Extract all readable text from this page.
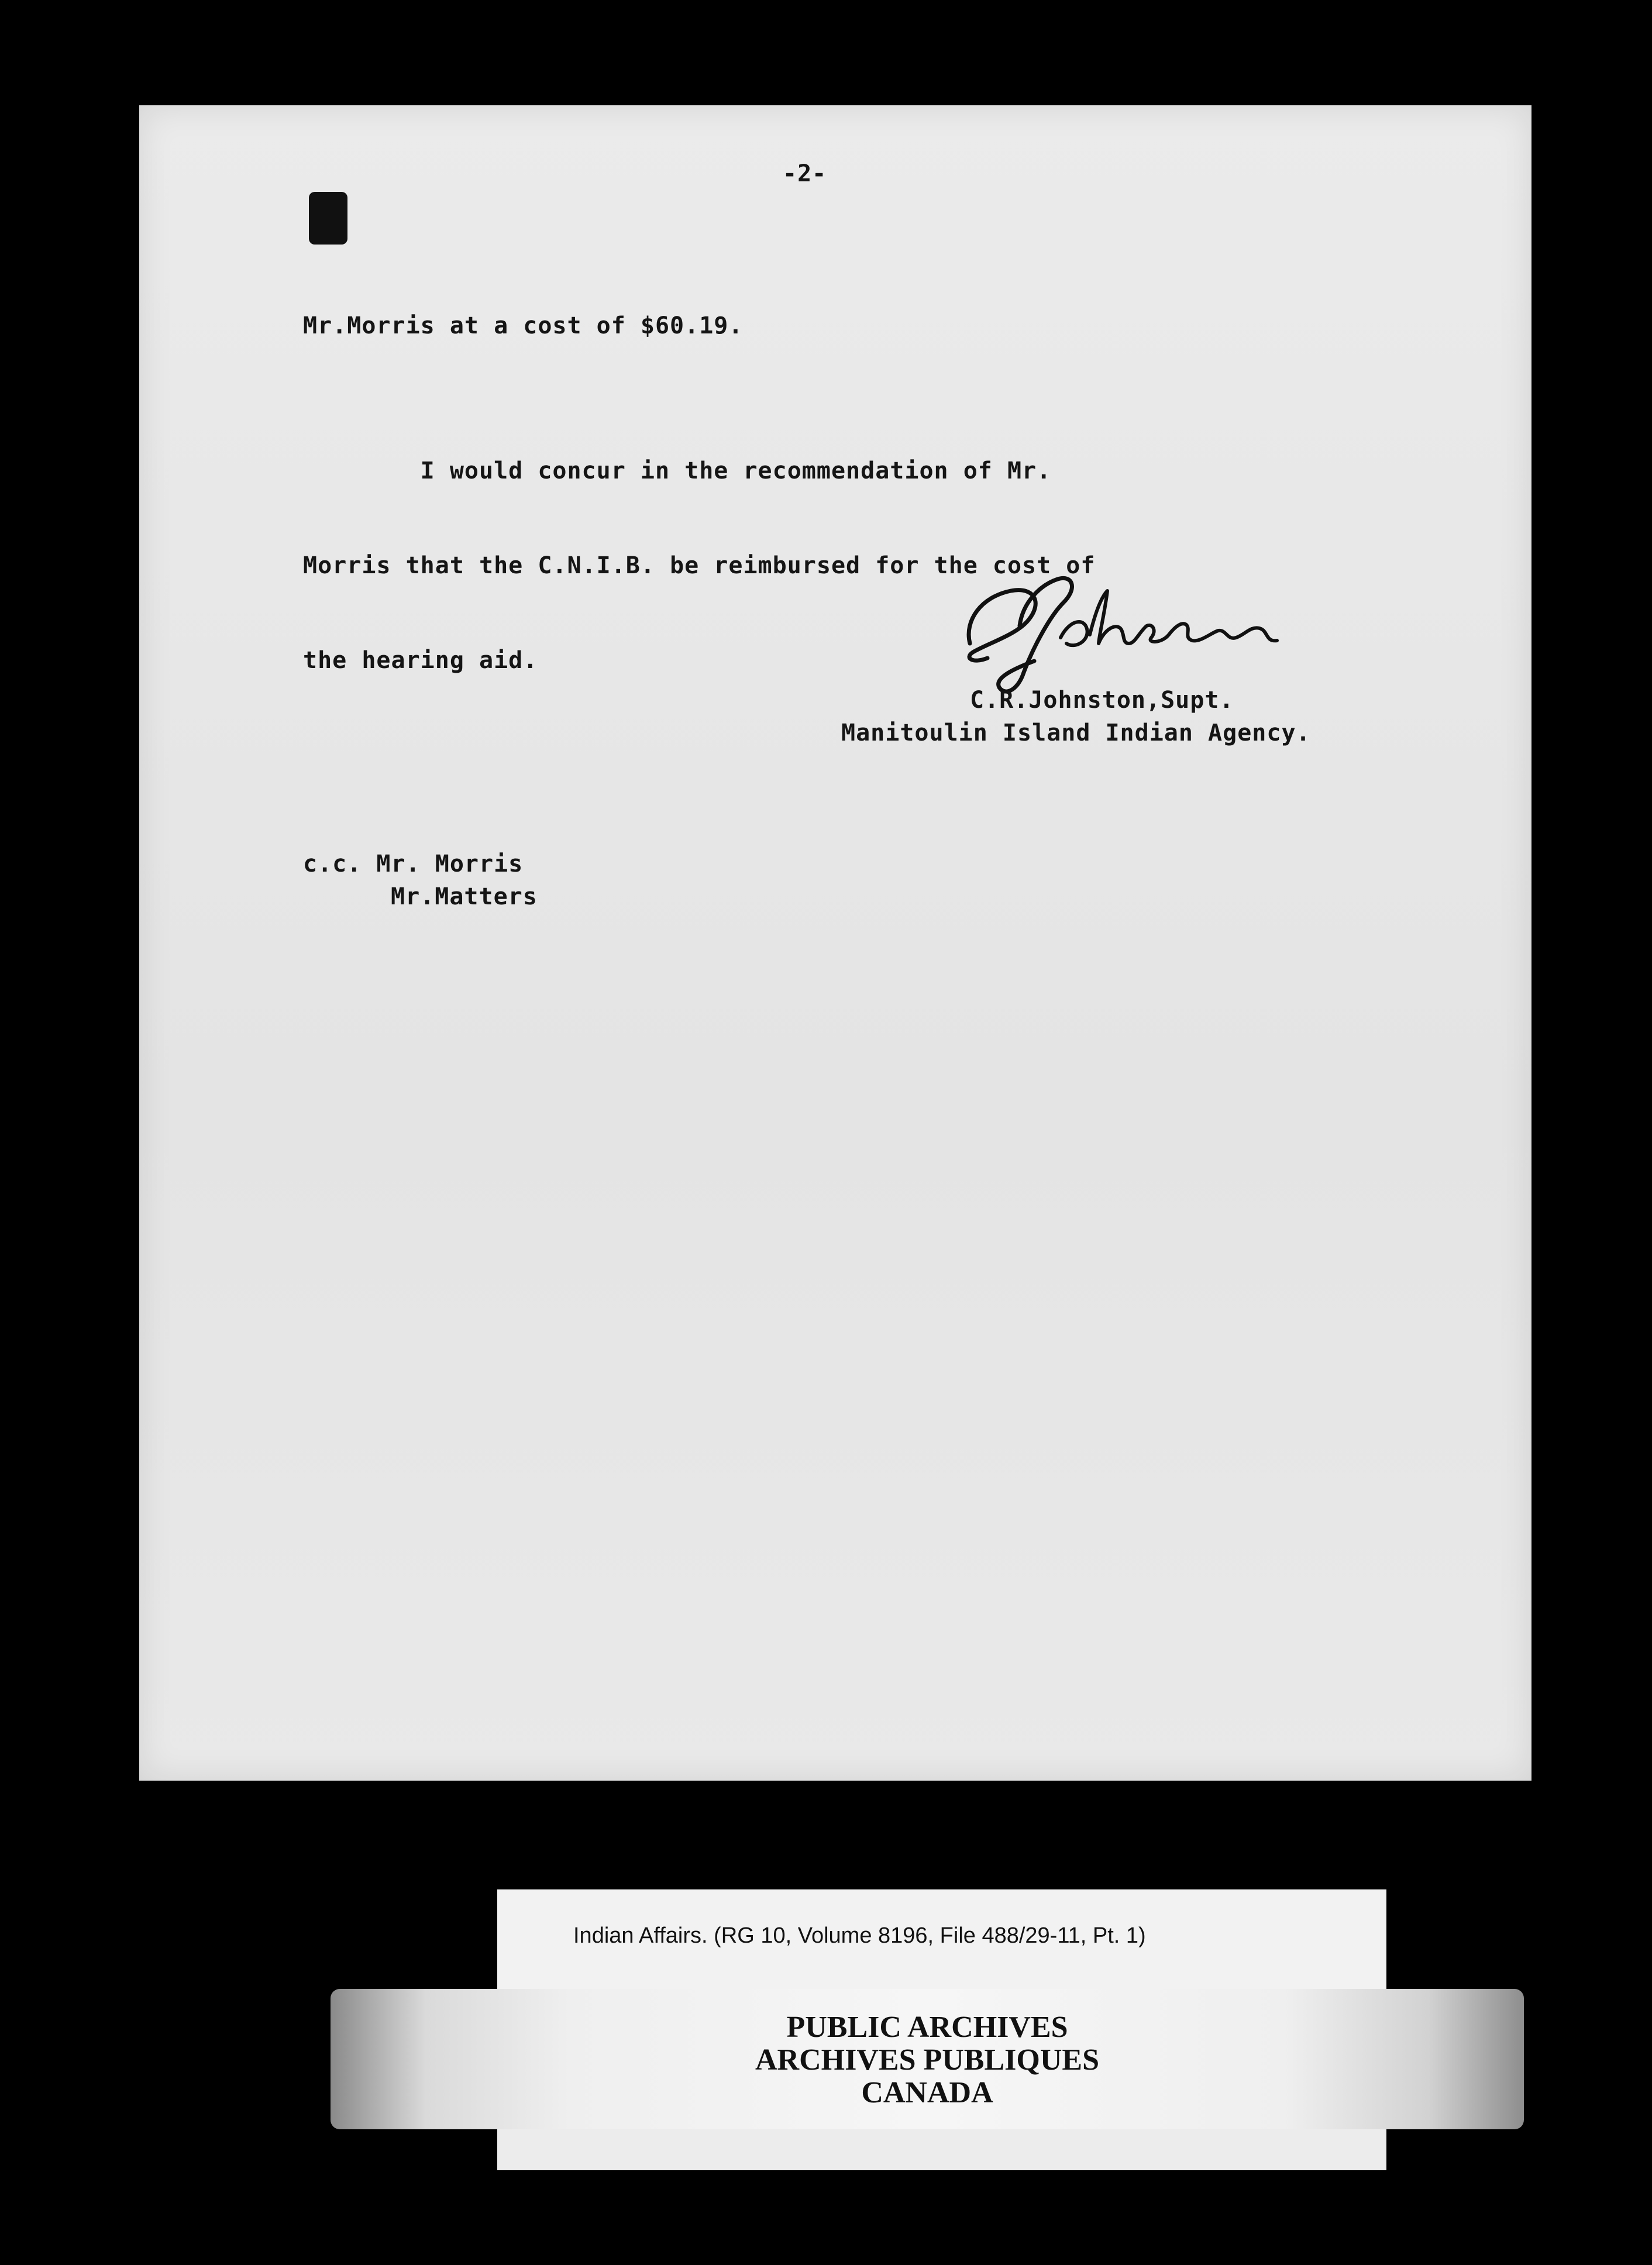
-2-
Mr.Morris at a cost of $60.19.

I would concur in the recommendation of Mr.

Morris that the C.N.I.B. be reimbursed for the cost of

the hearing aid.

C.R.Johnston,Supt.
Manitoulin Island Indian Agency.
c.c. Mr. Morris
Mr.Matters
Indian Affairs. (RG 10, Volume 8196, File 488/29-11, Pt. 1)
PUBLIC ARCHIVES
ARCHIVES PUBLIQUES
CANADA
